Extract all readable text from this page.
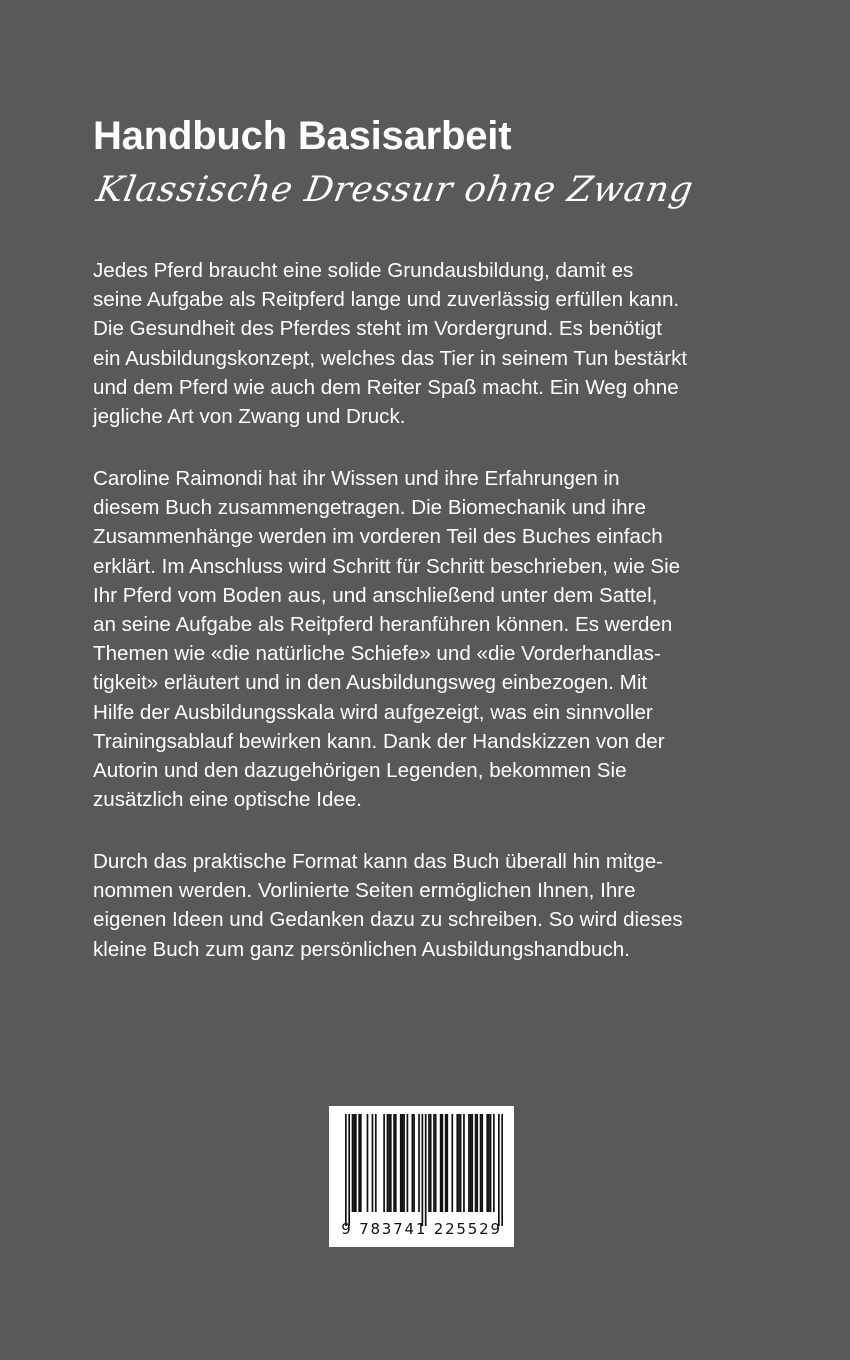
Handbuch Basisarbeit
Klassische Dressur ohne Zwang
Jedes Pferd braucht eine solide Grundausbildung, damit es
seine Aufgabe als Reitpferd lange und zuverlässig erfüllen kann.
Die Gesundheit des Pferdes steht im Vordergrund. Es benötigt
ein Ausbildungskonzept, welches das Tier in seinem Tun bestärkt
und dem Pferd wie auch dem Reiter Spaß macht. Ein Weg ohne
jegliche Art von Zwang und Druck.
Caroline Raimondi hat ihr Wissen und ihre Erfahrungen in
diesem Buch zusammengetragen. Die Biomechanik und ihre
Zusammenhänge werden im vorderen Teil des Buches einfach
erklärt. Im Anschluss wird Schritt für Schritt beschrieben, wie Sie
Ihr Pferd vom Boden aus, und anschließend unter dem Sattel,
an seine Aufgabe als Reitpferd heranführen können. Es werden
Themen wie «die natürliche Schiefe» und «die Vorderhandlas-
tigkeit» erläutert und in den Ausbildungsweg einbezogen. Mit
Hilfe der Ausbildungsskala wird aufgezeigt, was ein sinnvoller
Trainingsablauf bewirken kann. Dank der Handskizzen von der
Autorin und den dazugehörigen Legenden, bekommen Sie
zusätzlich eine optische Idee.
Durch das praktische Format kann das Buch überall hin mitge-
nommen werden. Vorlinierte Seiten ermöglichen Ihnen, Ihre
eigenen Ideen und Gedanken dazu zu schreiben. So wird dieses
kleine Buch zum ganz persönlichen Ausbildungshandbuch.
9 783741 225529
